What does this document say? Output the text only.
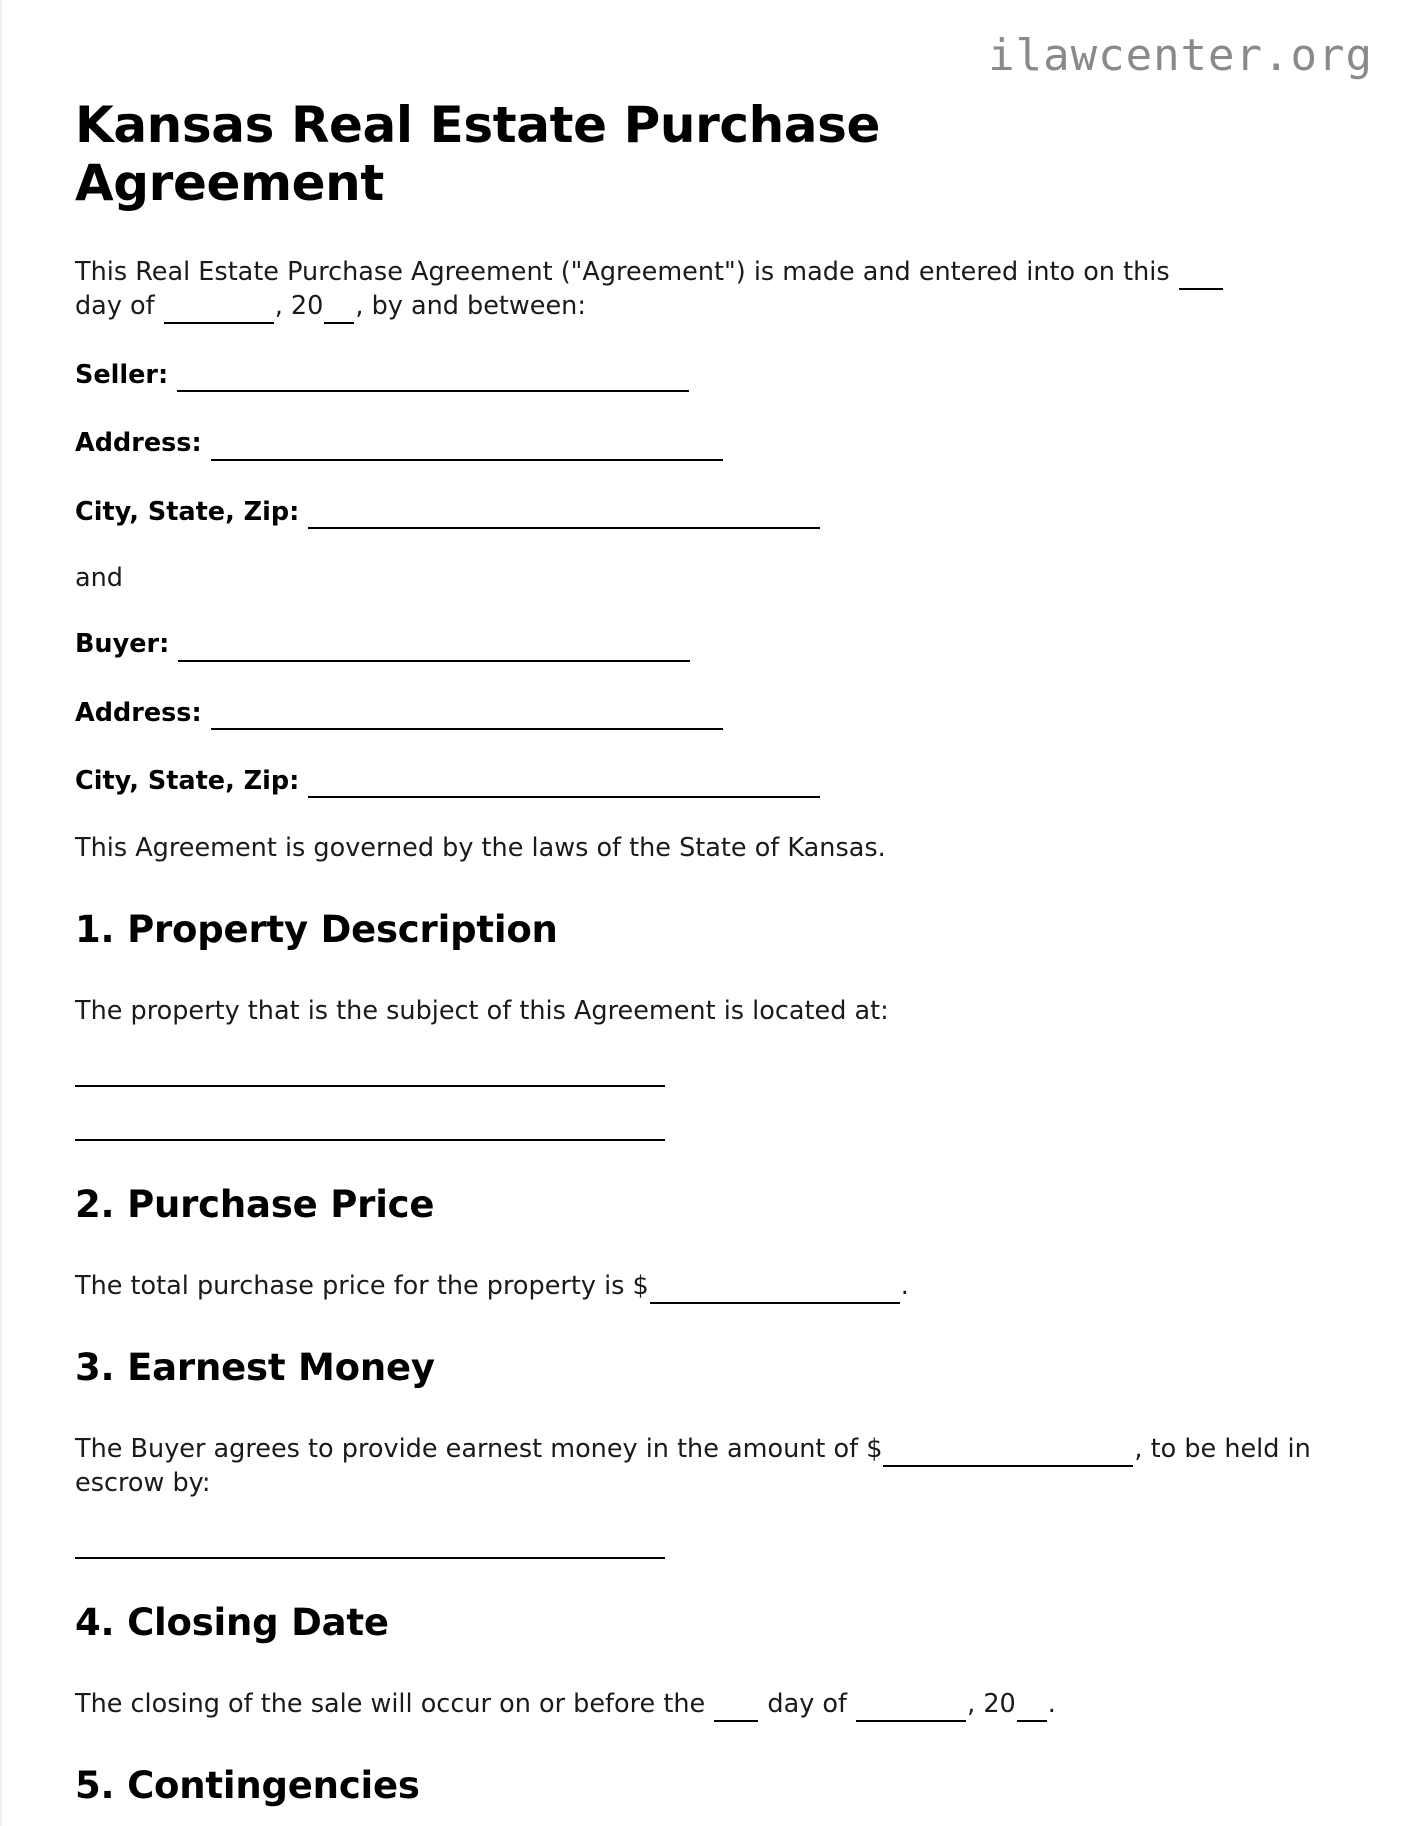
ilawcenter.org
Kansas Real Estate Purchase Agreement

This Real Estate Purchase Agreement ("Agreement") is made and entered into on this
day of	, 20 , by and between:

Seller:

Address:

City, State, Zip:

and

Buyer:

Address:

City, State, Zip:

This Agreement is governed by the laws of the State of Kansas.

1. Property Description

The property that is the subject of this Agreement is located at:

2. Purchase Price

The total purchase price for the property is $	.

3. Earnest Money

The Buyer agrees to provide earnest money in the amount of $	, to be held in escrow by:

4. Closing Date

The closing of the sale will occur on or before the  day of	, 20 .

5. Contingencies
